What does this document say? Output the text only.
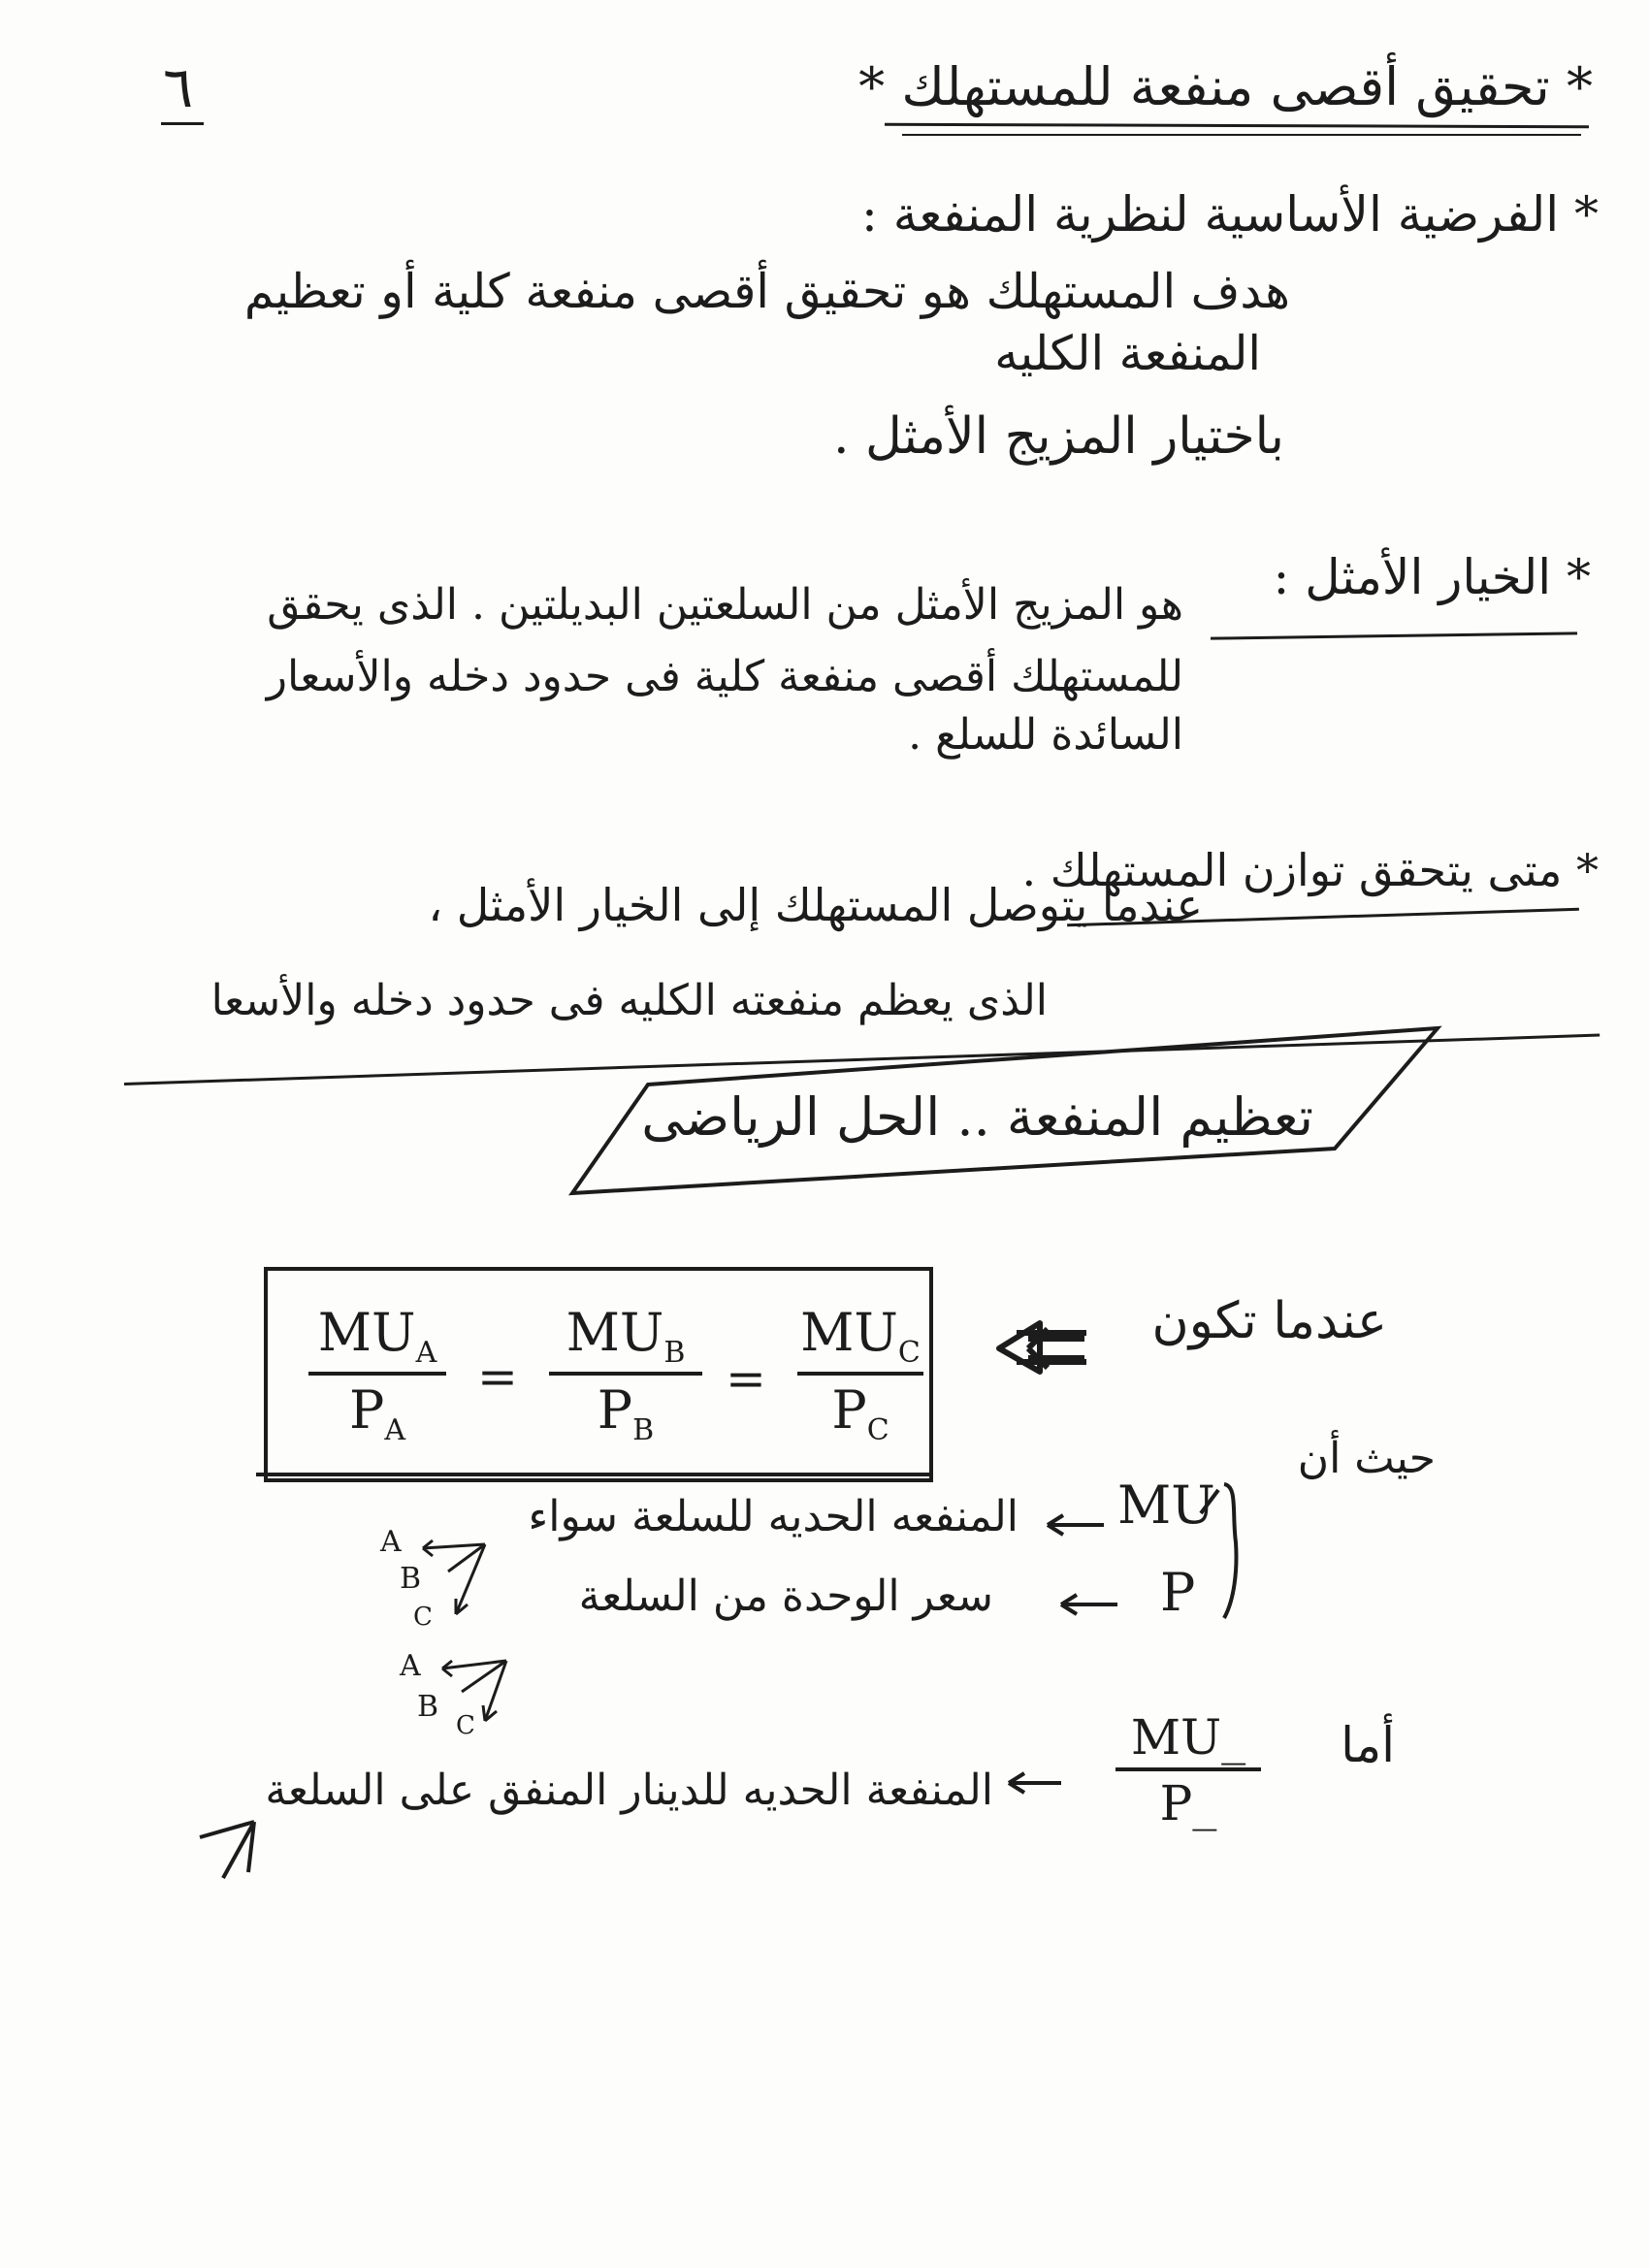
٦	* تحقيق أقصى منفعة للمستهلك *
* الفرضية الأساسية لنظرية المنفعة :
هدف المستهلك هو تحقيق أقصى منفعة كلية أو تعظيم
المنفعة الكليه
باختيار المزيج الأمثل .
* الخيار الأمثل :
هو المزيج الأمثل من السلعتين البديلتين . الذى يحقق
للمستهلك أقصى منفعة كلية فى حدود دخله والأسعار
السائدة للسلع .
* متى يتحقق توازن المستهلك .
عندما يتوصل المستهلك إلى الخيار الأمثل ،
الذى يعظم منفعته الكليه فى حدود دخله والأسعا
تعظيم المنفعة .. الحل الرياضى
$MU_A$
$P_A$
=
$MU_B$
$P_B$
=
$MU_C$
$P_C$
عندما تكون
حيث أن
MU
P
المنفعه الحديه للسلعة سواء
سعر الوحدة من السلعة
A
B
C
A
B
C	أما
MU_
P_
المنفعة الحديه للدينار المنفق على السلعة
